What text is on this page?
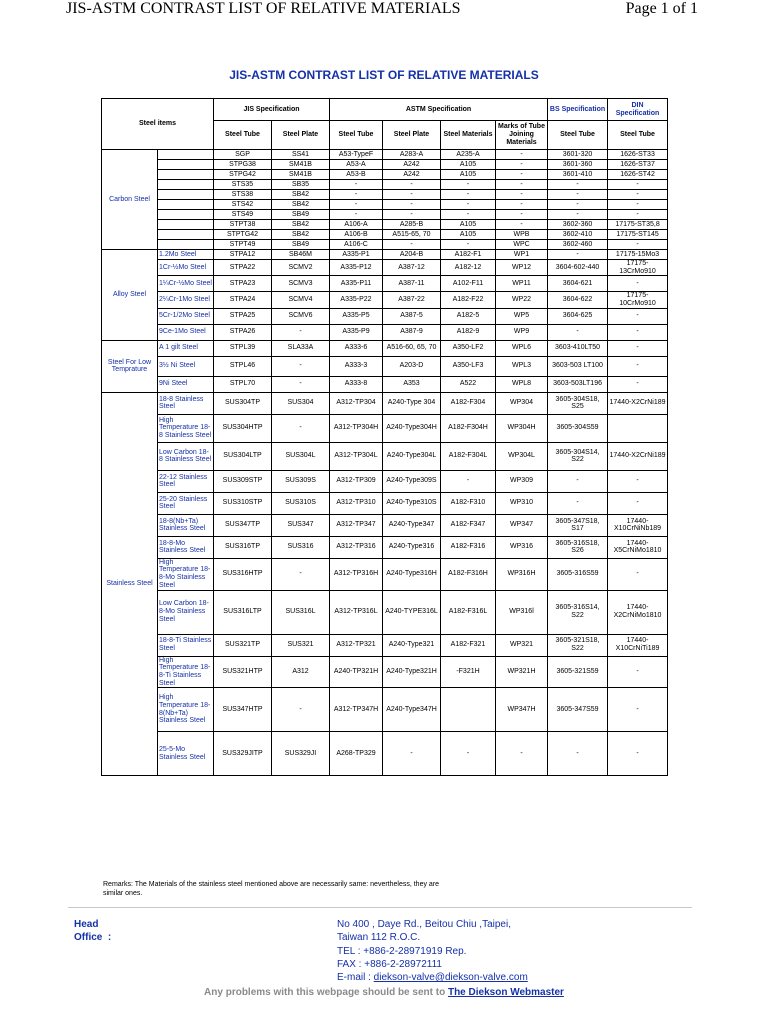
JIS-ASTM CONTRAST LIST OF RELATIVE MATERIALS	Page 1 of 1
JIS-ASTM CONTRAST LIST OF RELATIVE MATERIALS
Steel items		JIS Specification		ASTM Specification				BS Specification	DIN Specification
		Steel Tube	Steel Plate	Steel Tube	Steel Plate	Steel Materials	Marks of Tube Joining Materials	Steel Tube	Steel Tube
Carbon Steel		SGP	SS41	A53-TypeF	A283-A	A235-A	-	3601-320	1626-ST33
		STPG38	SM41B	A53-A	A242	A105	-	3601-360	1626-ST37
		STPG42	SM41B	A53-B	A242	A105	-	3601-410	1626-ST42
		STS35	SB35	-	-	-	-	-	-
		STS38	SB42	-	-	-	-	-	-
		STS42	SB42	-	-	-	-	-	-
		STS49	SB49	-	-	-	-	-	-
		STPT38	SB42	A106-A	A285-B	A105	-	3602-360	17175-ST35,8
		STPTG42	SB42	A106-B	A515-65, 70	A105	WPB	3602-410	17175-ST145
		STPT49	SB49	A106-C	-	-	WPC	3602-460	-
Alloy Steel	1.2Mo Steel	STPA12	SB46M	A335-P1	A204-B	A182-F1	WP1	-	17175-15Mo3
	1Cr-½Mo Steel	STPA22	SCMV2	A335-P12	A387-12	A182-12	WP12	3604-602-440	17175-13CrMo910
	1¼Cr-½Mo Steel	STPA23	SCMV3	A335-P11	A387-11	A102-F11	WP11	3604-621	-
	2¼Cr-1Mo Steel	STPA24	SCMV4	A335-P22	A387-22	A182-F22	WP22	3604-622	17175-10CrMo910
	5Cr-1/2Mo Steel	STPA25	SCMV6	A335-P5	A387-5	A182-5	WP5	3604-625	-
	9Ce-1Mo Steel	STPA26	-	A335-P9	A387-9	A182-9	WP9	-	-
Steel For Low Temprature	A 1 gilt Steel	STPL39	SLA33A	A333-6	A516-60, 65, 70	A350-LF2	WPL6	3603-410LT50	-
	3½ Ni Steel	STPL46	-	A333-3	A203-D	A350-LF3	WPL3	3603-503 LT100	-
	9Ni Steel	STPL70	-	A333-8	A353	A522	WPL8	3603-503LT196	-
Stainless Steel	18-8 Stainless Steel	SUS304TP	SUS304	A312-TP304	A240-Type 304	A182-F304	WP304	3605-304S18, S25	17440-X2CrNi189
	High Temperature 18-8 Stainless Steel	SUS304HTP	-	A312-TP304H	A240-Type304H	A182-F304H	WP304H	3605-304S59	
	Low Carbon 18-8 Stainless Steel	SUS304LTP	SUS304L	A312-TP304L	A240-Type304L	A182-F304L	WP304L	3605-304S14, S22	17440-X2CrNi189
	22-12 Stainless Steel	SUS309STP	SUS309S	A312-TP309	A240-Type309S	-	WP309	-	-
	25-20 Stainless Steel	SUS310STP	SUS310S	A312-TP310	A240-Type310S	A182-F310	WP310	-	-
	18-8(Nb+Ta) Stainless Steel	SUS347TP	SUS347	A312-TP347	A240-Type347	A182-F347	WP347	3605-347S18, S17	17440-X10CrNiNb189
	18-8-Mo Stainless Steel	SUS316TP	SUS316	A312-TP316	A240-Type316	A182-F316	WP316	3605-316S18, S26	17440-X5CrNiMo1810
	High Temperature 18-8-Mo Stainless Steel	SUS316HTP	-	A312-TP316H	A240-Type316H	A182-F316H	WP316H	3605-316S59	-
	Low Carbon 18-8-Mo Stainless Steel	SUS316LTP	SUS316L	A312-TP316L	A240-TYPE316L	A182-F316L	WP316l	3605-316S14, S22	17440-X2CrNiMo1810
	18-8-Ti Stainless Steel	SUS321TP	SUS321	A312-TP321	A240-Type321	A182-F321	WP321	3605-321S18, S22	17440-X10CrNiTi189
	High Temperature 18-8-Ti Stainless Steel	SUS321HTP	A312	A240-TP321H	A240-Type321H	-F321H	WP321H	3605-321S59	-
	High Temperature 18-8(Nb+Ta) Stainless Steel	SUS347HTP	-	A312-TP347H	A240-Type347H		WP347H	3605-347S59	-
	25-5-Mo Stainless Steel	SUS329JITP	SUS329JI	A268-TP329	-	-	-	-	-
Remarks: The Materials of the stainless steel mentioned above are necessarily same: nevertheless, they are similar ones.
Head
Office  :
No 400 , Daye Rd., Beitou Chiu ,Taipei,
Taiwan 112 R.O.C.
TEL : +886-2-28971919 Rep.
FAX : +886-2-28972111
E-mail : diekson-valve@diekson-valve.com
Any problems with this webpage should be sent to The Diekson Webmaster
